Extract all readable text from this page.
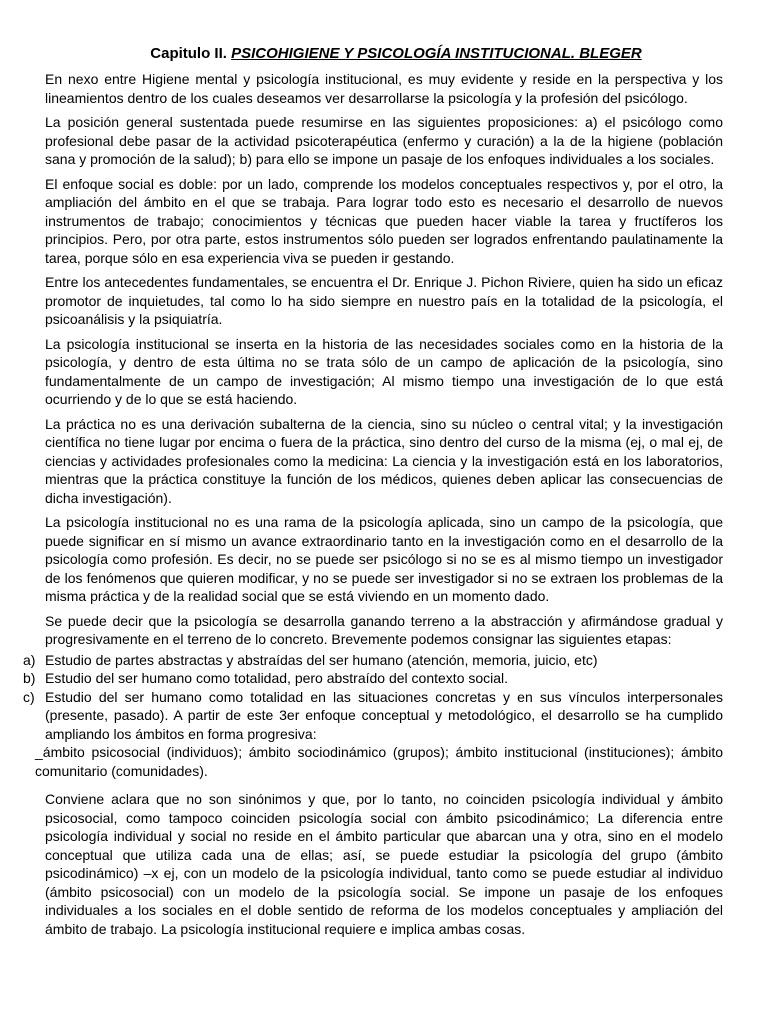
Capitulo II. PSICOHIGIENE Y PSICOLOGÍA INSTITUCIONAL. BLEGER

En nexo entre Higiene mental y psicología institucional, es muy evidente y reside en la perspectiva y los lineamientos dentro de los cuales deseamos ver desarrollarse la psicología y la profesión del psicólogo.

La posición general sustentada puede resumirse en las siguientes proposiciones: a) el psicólogo como profesional debe pasar de la actividad psicoterapéutica (enfermo y curación) a la de la higiene (población sana y promoción de la salud); b) para ello se impone un pasaje de los enfoques individuales a los sociales.

El enfoque social es doble: por un lado, comprende los modelos conceptuales respectivos y, por el otro, la ampliación del ámbito en el que se trabaja. Para lograr todo esto es necesario el desarrollo de nuevos instrumentos de trabajo; conocimientos y técnicas que pueden hacer viable la tarea y fructíferos los principios. Pero, por otra parte, estos instrumentos sólo pueden ser logrados enfrentando paulatinamente la tarea, porque sólo en esa experiencia viva se pueden ir gestando.

Entre los antecedentes fundamentales, se encuentra el Dr. Enrique J. Pichon Riviere, quien ha sido un eficaz promotor de inquietudes, tal como lo ha sido siempre en nuestro país en la totalidad de la psicología, el psicoanálisis y la psiquiatría.

La psicología institucional se inserta en la historia de las necesidades sociales como en la historia de la psicología, y dentro de esta última no se trata sólo de un campo de aplicación de la psicología, sino fundamentalmente de un campo de investigación; Al mismo tiempo una investigación de lo que está ocurriendo y de lo que se está haciendo.

La práctica no es una derivación subalterna de la ciencia, sino su núcleo o central vital; y la investigación científica no tiene lugar por encima o fuera de la práctica, sino dentro del curso de la misma (ej, o mal ej, de ciencias y actividades profesionales como la medicina: La ciencia y la investigación está en los laboratorios, mientras que la práctica constituye la función de los médicos, quienes deben aplicar las consecuencias de dicha investigación).

La psicología institucional no es una rama de la psicología aplicada, sino un campo de la psicología, que puede significar en sí mismo un avance extraordinario tanto en la investigación como en el desarrollo de la psicología como profesión. Es decir, no se puede ser psicólogo si no se es al mismo tiempo un investigador de los fenómenos que quieren modificar, y no se puede ser investigador si no se extraen los problemas de la misma práctica y de la realidad social que se está viviendo en un momento dado.

Se puede decir que la psicología se desarrolla ganando terreno a la abstracción y afirmándose gradual y progresivamente en el terreno de lo concreto. Brevemente podemos consignar las siguientes etapas:

a) Estudio de partes abstractas y abstraídas del ser humano (atención, memoria, juicio, etc)
b) Estudio del ser humano como totalidad, pero abstraído del contexto social.
c) Estudio del ser humano como totalidad en las situaciones concretas y en sus vínculos interpersonales (presente, pasado). A partir de este 3er enfoque conceptual y metodológico, el desarrollo se ha cumplido ampliando los ámbitos en forma progresiva:
_ámbito psicosocial (individuos); ámbito sociodinámico (grupos); ámbito institucional (instituciones); ámbito comunitario (comunidades).

Conviene aclara que no son sinónimos y que, por lo tanto, no coinciden psicología individual y ámbito psicosocial, como tampoco coinciden psicología social con ámbito psicodinámico; La diferencia entre psicología individual y social no reside en el ámbito particular que abarcan una y otra, sino en el modelo conceptual que utiliza cada una de ellas; así, se puede estudiar la psicología del grupo (ámbito psicodinámico) –x ej, con un modelo de la psicología individual, tanto como se puede estudiar al individuo (ámbito psicosocial) con un modelo de la psicología social. Se impone un pasaje de los enfoques individuales a los sociales en el doble sentido de reforma de los modelos conceptuales y ampliación del ámbito de trabajo. La psicología institucional requiere e implica ambas cosas.
